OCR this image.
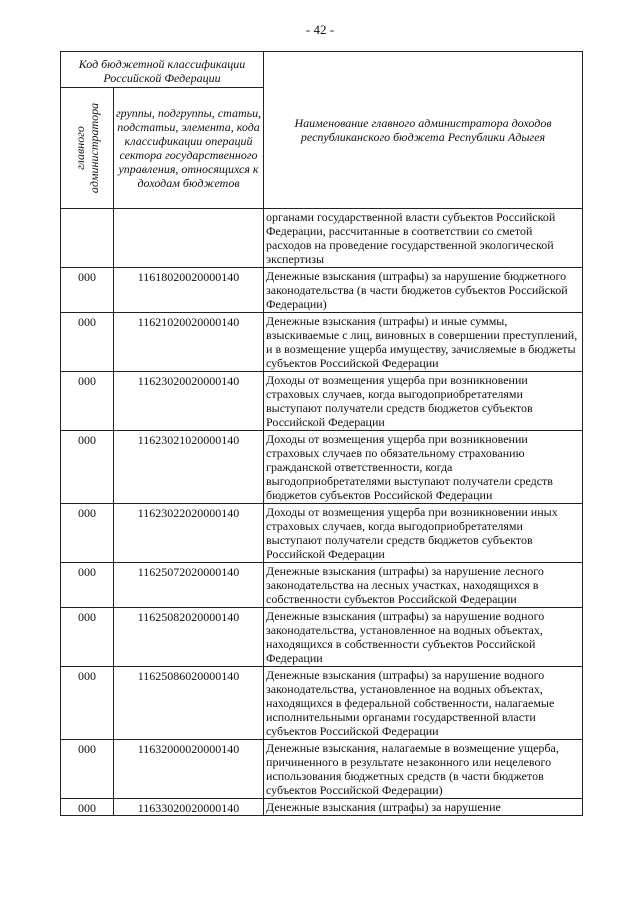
- 42 -
Код бюджетной классификации Российской Федерации		Наименование главного администратора доходов республиканского бюджета Республики Адыгея

главного администратора	группы, подгруппы, статьи, подстатьи, элемента, кода классификации операций сектора государственного управления, относящихся к доходам бюджетов	
		органами государственной власти субъектов Российской Федерации, рассчитанные в соответствии со сметой расходов на проведение государственной экологической экспертизы
000	11618020020000140	Денежные взыскания (штрафы) за нарушение бюджетного законодательства (в части бюджетов субъектов Российской Федерации)
000	11621020020000140	Денежные взыскания (штрафы) и иные суммы, взыскиваемые с лиц, виновных в совершении преступлений, и в возмещение ущерба имуществу, зачисляемые в бюджеты субъектов Российской Федерации
000	11623020020000140	Доходы от возмещения ущерба при возникновении страховых случаев, когда выгодоприобретателями выступают получатели средств бюджетов субъектов Российской Федерации
000	11623021020000140	Доходы от возмещения ущерба при возникновении страховых случаев по обязательному страхованию гражданской ответственности, когда выгодоприобретателями выступают получатели средств бюджетов субъектов Российской Федерации
000	11623022020000140	Доходы от возмещения ущерба при возникновении иных страховых случаев, когда выгодоприобретателями выступают получатели средств бюджетов субъектов Российской Федерации
000	11625072020000140	Денежные взыскания (штрафы) за нарушение лесного законодательства на лесных участках, находящихся в собственности субъектов Российской Федерации
000	11625082020000140	Денежные взыскания (штрафы) за нарушение водного законодательства, установленное на водных объектах, находящихся в собственности субъектов Российской Федерации
000	11625086020000140	Денежные взыскания (штрафы) за нарушение водного законодательства, установленное на водных объектах, находящихся в федеральной собственности, налагаемые исполнительными органами государственной власти субъектов Российской Федерации
000	11632000020000140	Денежные взыскания, налагаемые в возмещение ущерба, причиненного в результате незаконного или нецелевого использования бюджетных средств (в части бюджетов субъектов Российской Федерации)
000	11633020020000140	Денежные взыскания (штрафы) за нарушение
